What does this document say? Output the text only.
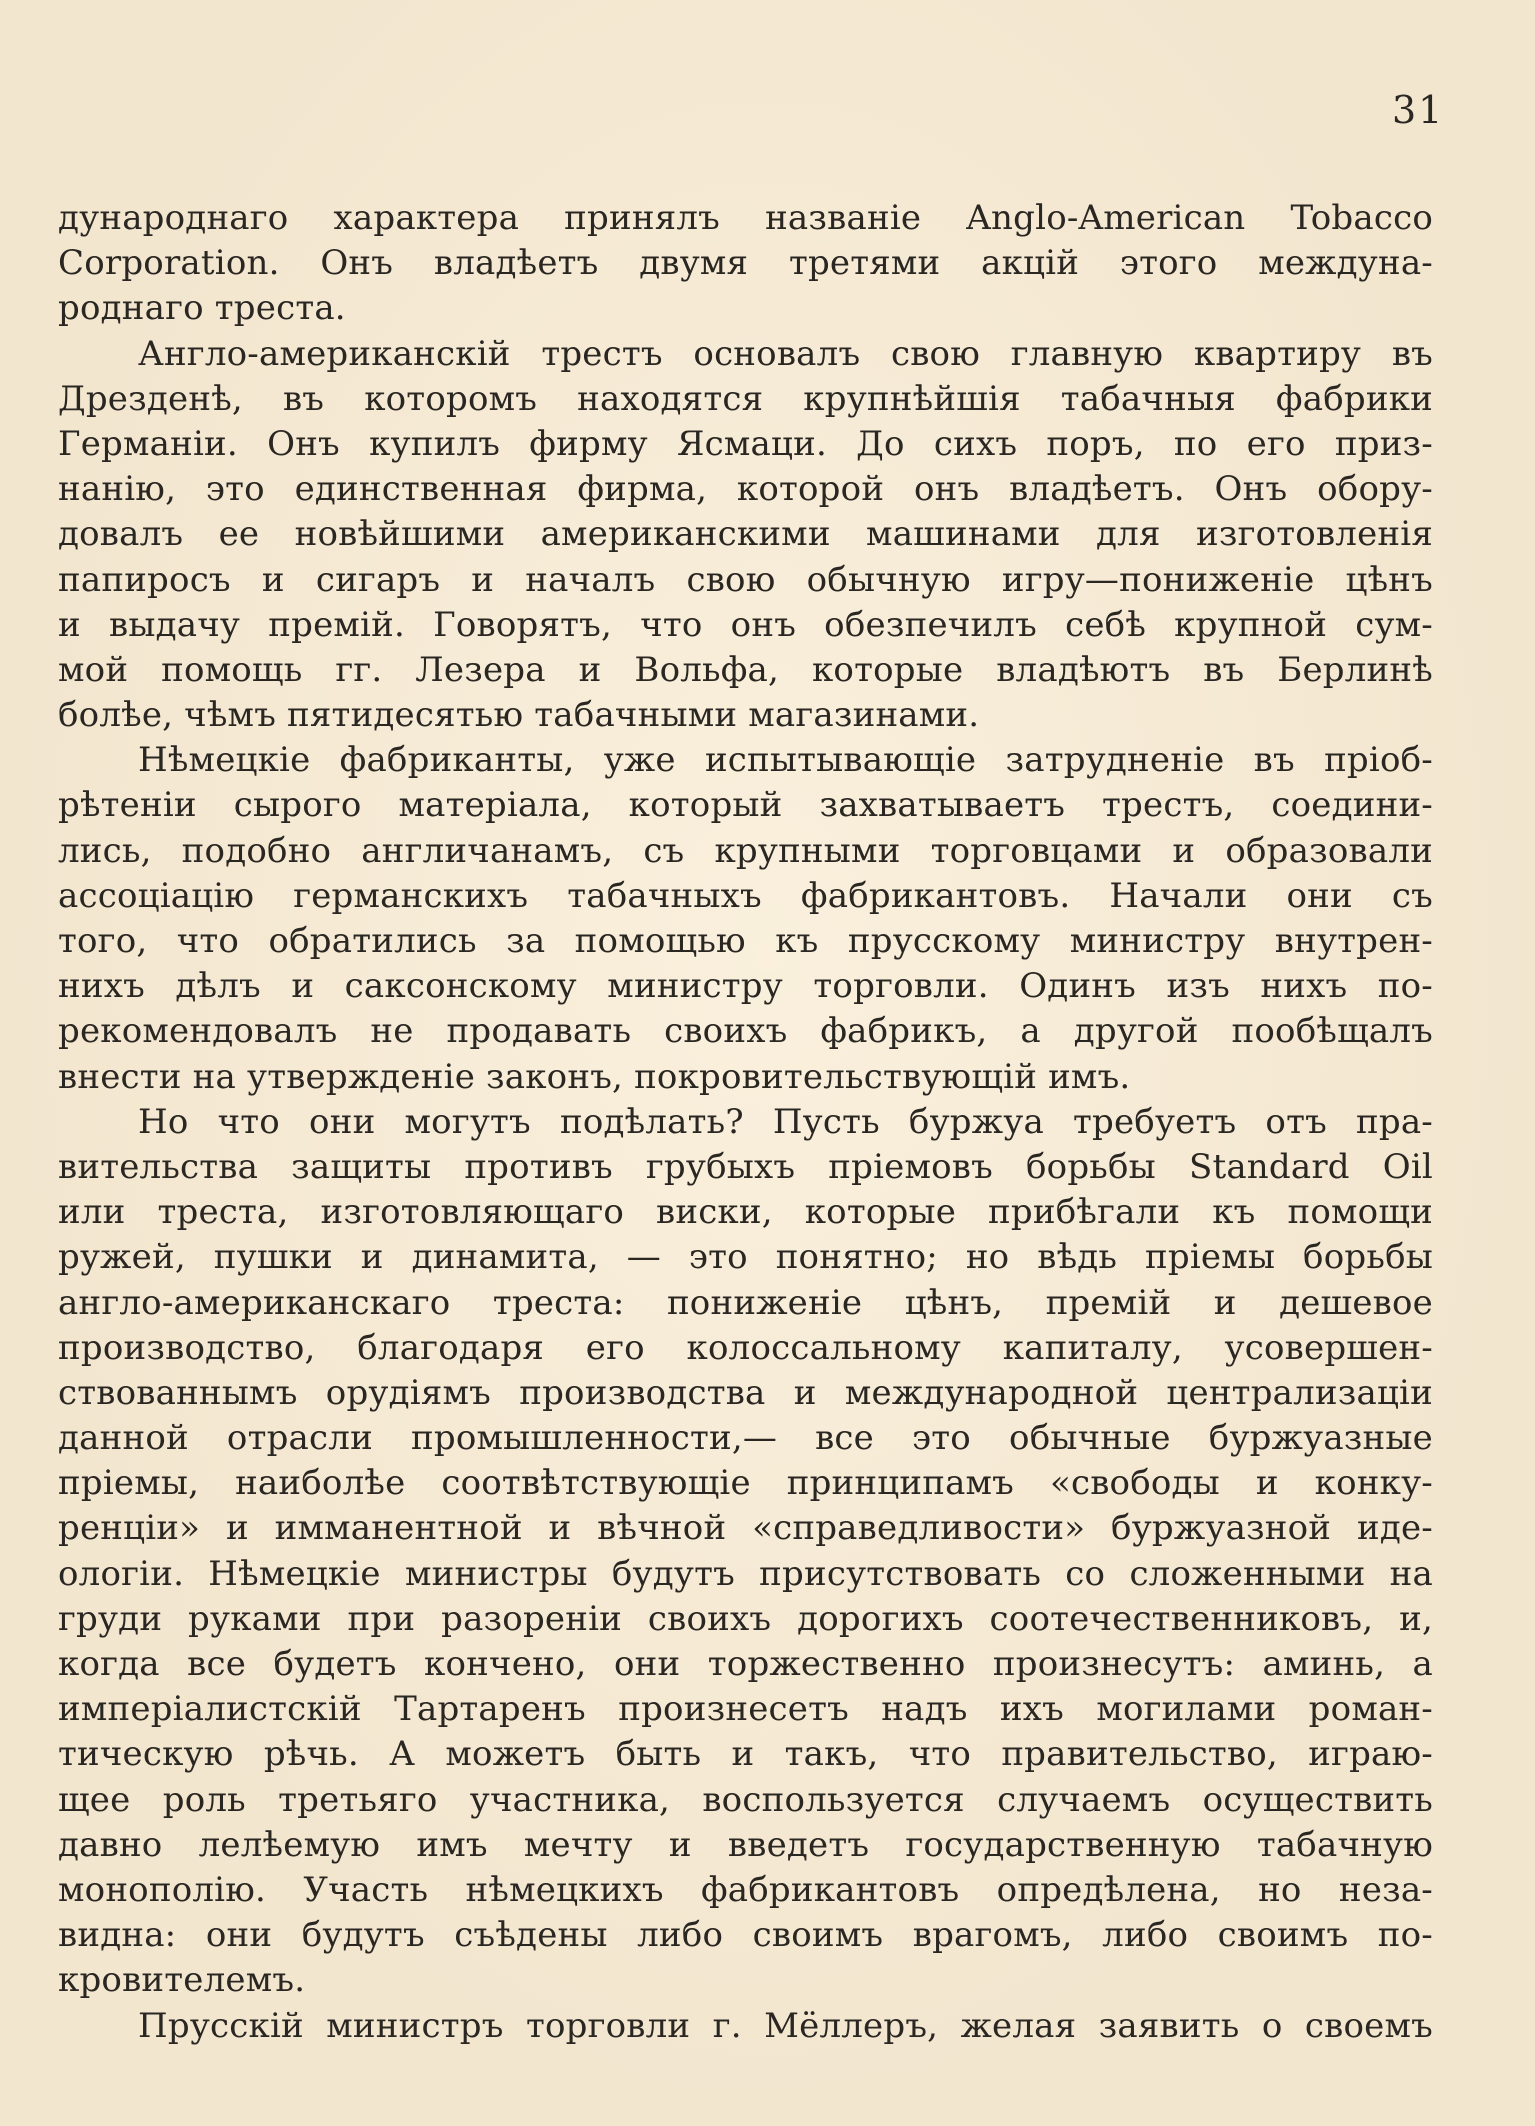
31
дународнаго характера принялъ названіе Anglo-American Tobacco
Corporation. Онъ владѣетъ двумя третями акцій этого междуна-
роднаго треста.
Англо-американскій трестъ основалъ свою главную квартиру въ
Дрезденѣ, въ которомъ находятся крупнѣйшія табачныя фабрики
Германіи. Онъ купилъ фирму Ясмаци. До сихъ поръ, по его приз-
нанію, это единственная фирма, которой онъ владѣетъ. Онъ обору-
довалъ ее новѣйшими американскими машинами для изготовленія
папиросъ и сигаръ и началъ свою обычную игру—пониженіе цѣнъ
и выдачу премій. Говорятъ, что онъ обезпечилъ себѣ крупной сум-
мой помощь гг. Лезера и Вольфа, которые владѣютъ въ Берлинѣ
болѣе, чѣмъ пятидесятью табачными магазинами.
Нѣмецкіе фабриканты, уже испытывающіе затрудненіе въ пріоб-
рѣтеніи сырого матеріала, который захватываетъ трестъ, соедини-
лись, подобно англичанамъ, съ крупными торговцами и образовали
ассоціацію германскихъ табачныхъ фабрикантовъ. Начали они съ
того, что обратились за помощью къ прусскому министру внутрен-
нихъ дѣлъ и саксонскому министру торговли. Одинъ изъ нихъ по-
рекомендовалъ не продавать своихъ фабрикъ, а другой пообѣщалъ
внести на утвержденіе законъ, покровительствующій имъ.
Но что они могутъ подѣлать? Пусть буржуа требуетъ отъ пра-
вительства защиты противъ грубыхъ пріемовъ борьбы Standard Oil
или треста, изготовляющаго виски, которые прибѣгали къ помощи
ружей, пушки и динамита, — это понятно; но вѣдь пріемы борьбы
англо-американскаго треста: пониженіе цѣнъ, премій и дешевое
производство, благодаря его колоссальному капиталу, усовершен-
ствованнымъ орудіямъ производства и международной централизаціи
данной отрасли промышленности,— все это обычные буржуазные
пріемы, наиболѣе соотвѣтствующіе принципамъ «свободы и конку-
ренціи» и имманентной и вѣчной «справедливости» буржуазной иде-
ологіи. Нѣмецкіе министры будутъ присутствовать со сложенными на
груди руками при разореніи своихъ дорогихъ соотечественниковъ, и,
когда все будетъ кончено, они торжественно произнесутъ: аминь, а
имперіалистскій Тартаренъ произнесетъ надъ ихъ могилами роман-
тическую рѣчь. А можетъ быть и такъ, что правительство, играю-
щее роль третьяго участника, воспользуется случаемъ осуществить
давно лелѣемую имъ мечту и введетъ государственную табачную
монополію. Участь нѣмецкихъ фабрикантовъ опредѣлена, но неза-
видна: они будутъ съѣдены либо своимъ врагомъ, либо своимъ по-
кровителемъ.
Прусскій министръ торговли г. Мёллеръ, желая заявить о своемъ
